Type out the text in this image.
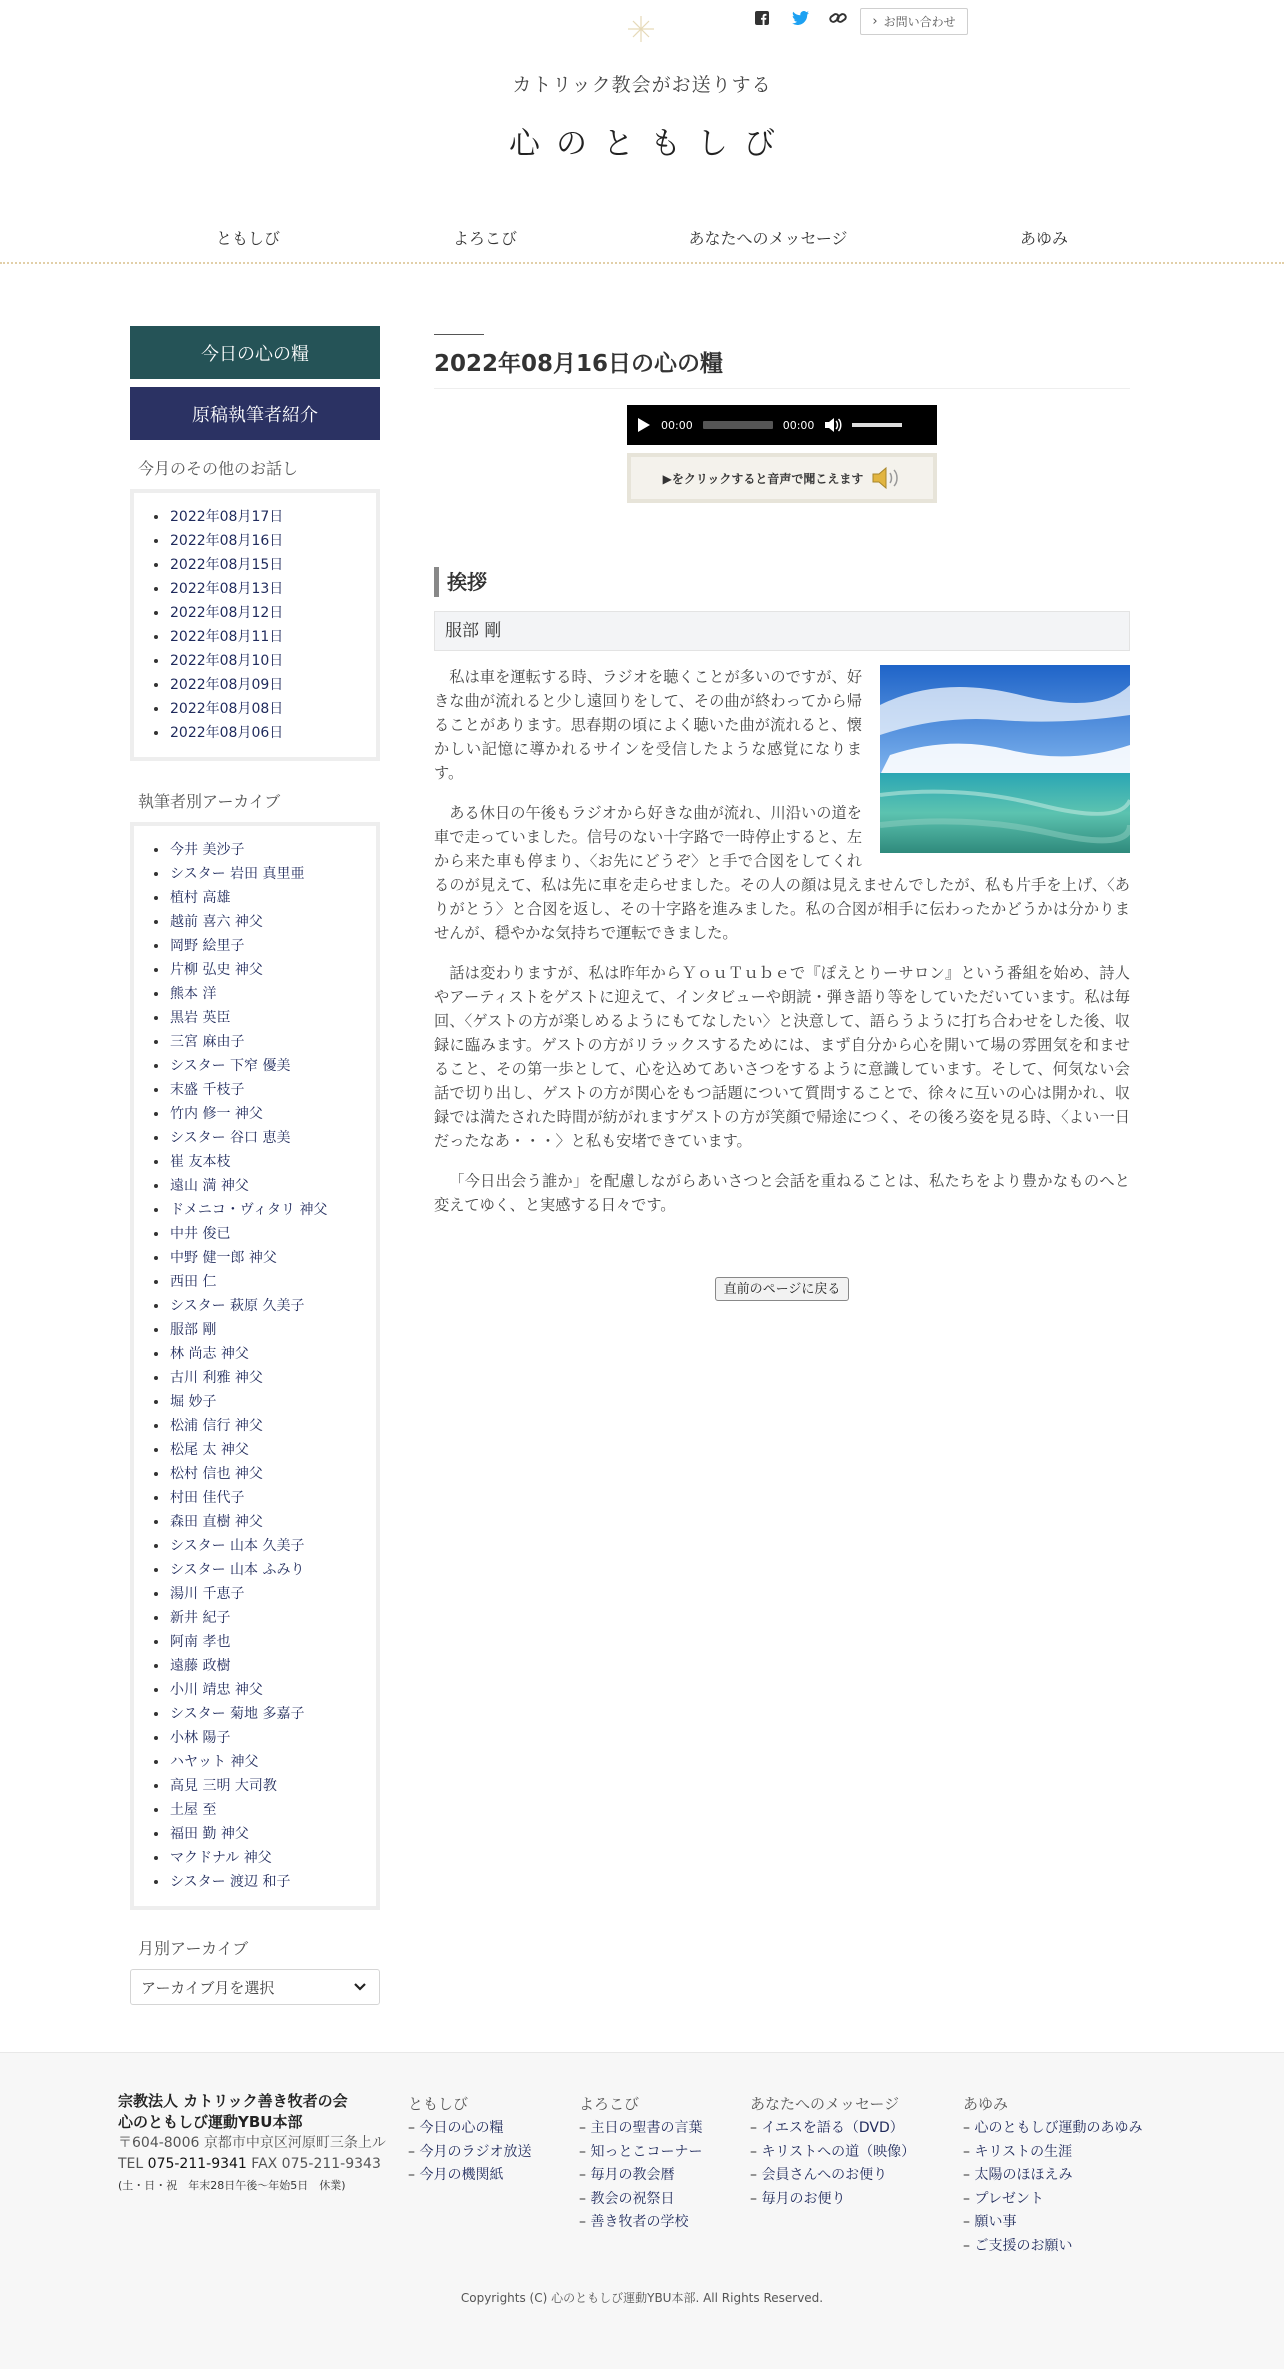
› お問い合わせ
カトリック教会がお送りする
心のともしび
ともしび	よろこび	あなたへのメッセージ	あゆみ
今日の心の糧
原稿執筆者紹介
今月のその他のお話し
2022年08月17日
2022年08月16日
2022年08月15日
2022年08月13日
2022年08月12日
2022年08月11日
2022年08月10日
2022年08月09日
2022年08月08日
2022年08月06日
執筆者別アーカイブ
今井 美沙子
シスター 岩田 真里亜
植村 高雄
越前 喜六 神父
岡野 絵里子
片柳 弘史 神父
熊本 洋
黒岩 英臣
三宮 麻由子
シスター 下窄 優美
末盛 千枝子
竹内 修一 神父
シスター 谷口 恵美
崔 友本枝
遠山 満 神父
ドメニコ・ヴィタリ 神父
中井 俊已
中野 健一郎 神父
西田 仁
シスター 萩原 久美子
服部 剛
林 尚志 神父
古川 利雅 神父
堀 妙子
松浦 信行 神父
松尾 太 神父
松村 信也 神父
村田 佳代子
森田 直樹 神父
シスター 山本 久美子
シスター 山本 ふみり
湯川 千恵子
新井 紀子
阿南 孝也
遠藤 政樹
小川 靖忠 神父
シスター 菊地 多嘉子
小林 陽子
ハヤット 神父
高見 三明 大司教
土屋 至
福田 勤 神父
マクドナル 神父
シスター 渡辺 和子
月別アーカイブ
アーカイブ月を選択
2022年08月16日の心の糧
00:00	00:00
▶をクリックすると音声で聞こえます
挨拶
服部 剛

私は車を運転する時、ラジオを聴くことが多いのですが、好きな曲が流れると少し遠回りをして、その曲が終わってから帰ることがあります。思春期の頃によく聴いた曲が流れると、懐かしい記憶に導かれるサインを受信したような感覚になります。

ある休日の午後もラジオから好きな曲が流れ、川沿いの道を車で走っていました。信号のない十字路で一時停止すると、左から来た車も停まり、〈お先にどうぞ〉と手で合図をしてくれるのが見えて、私は先に車を走らせました。その人の顔は見えませんでしたが、私も片手を上げ、〈ありがとう〉と合図を返し、その十字路を進みました。私の合図が相手に伝わったかどうかは分かりませんが、穏やかな気持ちで運転できました。

話は変わりますが、私は昨年からＹｏｕＴｕｂｅで『ぽえとりーサロン』という番組を始め、詩人やアーティストをゲストに迎えて、インタビューや朗読・弾き語り等をしていただいています。私は毎回、〈ゲストの方が楽しめるようにもてなしたい〉と決意して、語らうように打ち合わせをした後、収録に臨みます。ゲストの方がリラックスするためには、まず自分から心を開いて場の雰囲気を和ませること、その第一歩として、心を込めてあいさつをするように意識しています。そして、何気ない会話で切り出し、ゲストの方が関心をもつ話題について質問することで、徐々に互いの心は開かれ、収録では満たされた時間が紡がれますゲストの方が笑顔で帰途につく、その後ろ姿を見る時、〈よい一日だったなあ・・・〉と私も安堵できています。

「今日出会う誰か」を配慮しながらあいさつと会話を重ねることは、私たちをより豊かなものへと変えてゆく、と実感する日々です。

直前のページに戻る
宗教法人 カトリック善き牧者の会
心のともしび運動YBU本部
〒604-8006 京都市中京区河原町三条上ル
TEL 075-211-9341 FAX 075-211-9343
(土・日・祝　年末28日午後〜年始5日　休業)
ともしび
– 今日の心の糧
– 今月のラジオ放送
– 今月の機関紙
よろこび
– 主日の聖書の言葉
– 知っとこコーナー
– 毎月の教会暦
– 教会の祝祭日
– 善き牧者の学校
あなたへのメッセージ
– イエスを語る（DVD）
– キリストへの道（映像）
– 会員さんへのお便り
– 毎月のお便り
あゆみ
– 心のともしび運動のあゆみ
– キリストの生涯
– 太陽のほほえみ
– プレゼント
– 願い事
– ご支援のお願い
Copyrights (C) 心のともしび運動YBU本部. All Rights Reserved.
